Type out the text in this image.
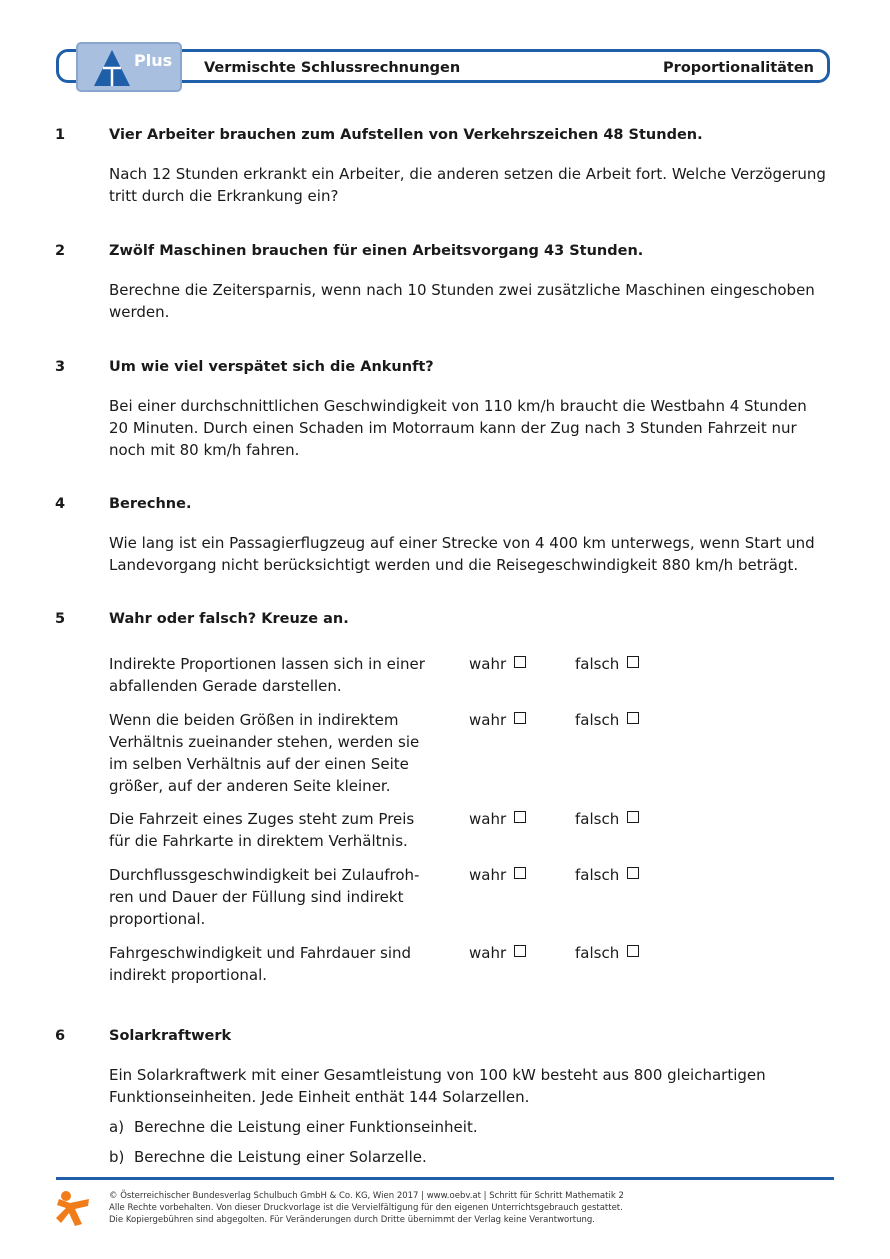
Plus Vermischte Schlussrechnungen	Proportionalitäten
1	Vier Arbeiter brauchen zum Aufstellen von Verkehrszeichen 48 Stunden.
Nach 12 Stunden erkrankt ein Arbeiter, die anderen setzen die Arbeit fort. Welche Verzögerung
tritt durch die Erkrankung ein?
2	Zwölf Maschinen brauchen für einen Arbeitsvorgang 43 Stunden.
Berechne die Zeitersparnis, wenn nach 10 Stunden zwei zusätzliche Maschinen eingeschoben
werden.
3	Um wie viel verspätet sich die Ankunft?
Bei einer durchschnittlichen Geschwindigkeit von 110 km/h braucht die Westbahn 4 Stunden
20 Minuten. Durch einen Schaden im Motorraum kann der Zug nach 3 Stunden Fahrzeit nur
noch mit 80 km/h fahren.
4	Berechne.
Wie lang ist ein Passagierflugzeug auf einer Strecke von 4 400 km unterwegs, wenn Start und
Landevorgang nicht berücksichtigt werden und die Reisegeschwindigkeit 880 km/h beträgt.
5	Wahr oder falsch? Kreuze an.
Indirekte Proportionen lassen sich in einer
abfallenden Gerade darstellen.
wahr	falsch
Wenn die beiden Größen in indirektem
Verhältnis zueinander stehen, werden sie
im selben Verhältnis auf der einen Seite
größer, auf der anderen Seite kleiner.
wahr	falsch
Die Fahrzeit eines Zuges steht zum Preis
für die Fahrkarte in direktem Verhältnis.
wahr	falsch
Durchflussgeschwindigkeit bei Zulaufroh-
ren und Dauer der Füllung sind indirekt
proportional.
wahr	falsch
Fahrgeschwindigkeit und Fahrdauer sind
indirekt proportional.
wahr	falsch
6	Solarkraftwerk
Ein Solarkraftwerk mit einer Gesamtleistung von 100 kW besteht aus 800 gleichartigen
Funktionseinheiten. Jede Einheit enthät 144 Solarzellen.
a) Berechne die Leistung einer Funktionseinheit.
b) Berechne die Leistung einer Solarzelle.
© Österreichischer Bundesverlag Schulbuch GmbH & Co. KG, Wien 2017 | www.oebv.at | Schritt für Schritt Mathematik 2
Alle Rechte vorbehalten. Von dieser Druckvorlage ist die Vervielfältigung für den eigenen Unterrichtsgebrauch gestattet.
Die Kopiergebühren sind abgegolten. Für Veränderungen durch Dritte übernimmt der Verlag keine Verantwortung.
